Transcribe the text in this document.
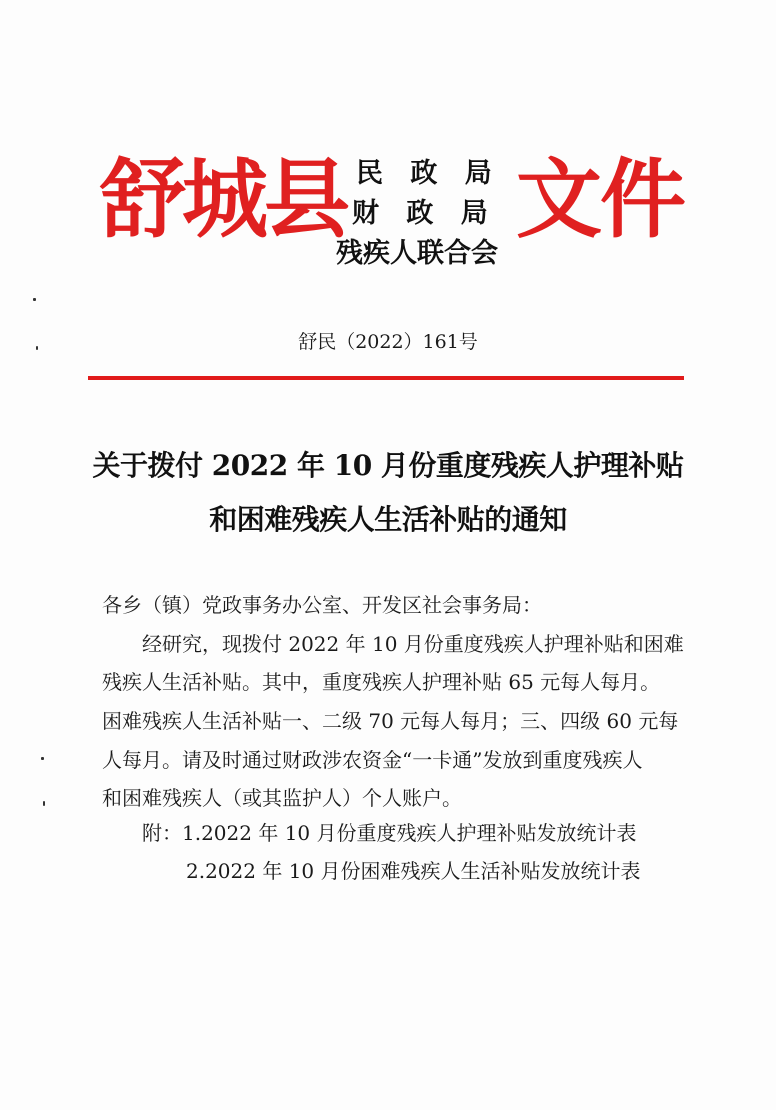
舒城县 民 政 局
财 政 局
残疾人联合会
文件
舒民（2022）161号
关于拨付 2022 年 10 月份重度残疾人护理补贴
和困难残疾人生活补贴的通知
各乡（镇）党政事务办公室、开发区社会事务局：
经研究，现拨付 2022 年 10 月份重度残疾人护理补贴和困难
残疾人生活补贴。其中，重度残疾人护理补贴 65 元每人每月。
困难残疾人生活补贴一、二级 70 元每人每月；三、四级 60 元每
人每月。请及时通过财政涉农资金“一卡通”发放到重度残疾人
和困难残疾人（或其监护人）个人账户。
附：1.2022 年 10 月份重度残疾人护理补贴发放统计表
2.2022 年 10 月份困难残疾人生活补贴发放统计表
